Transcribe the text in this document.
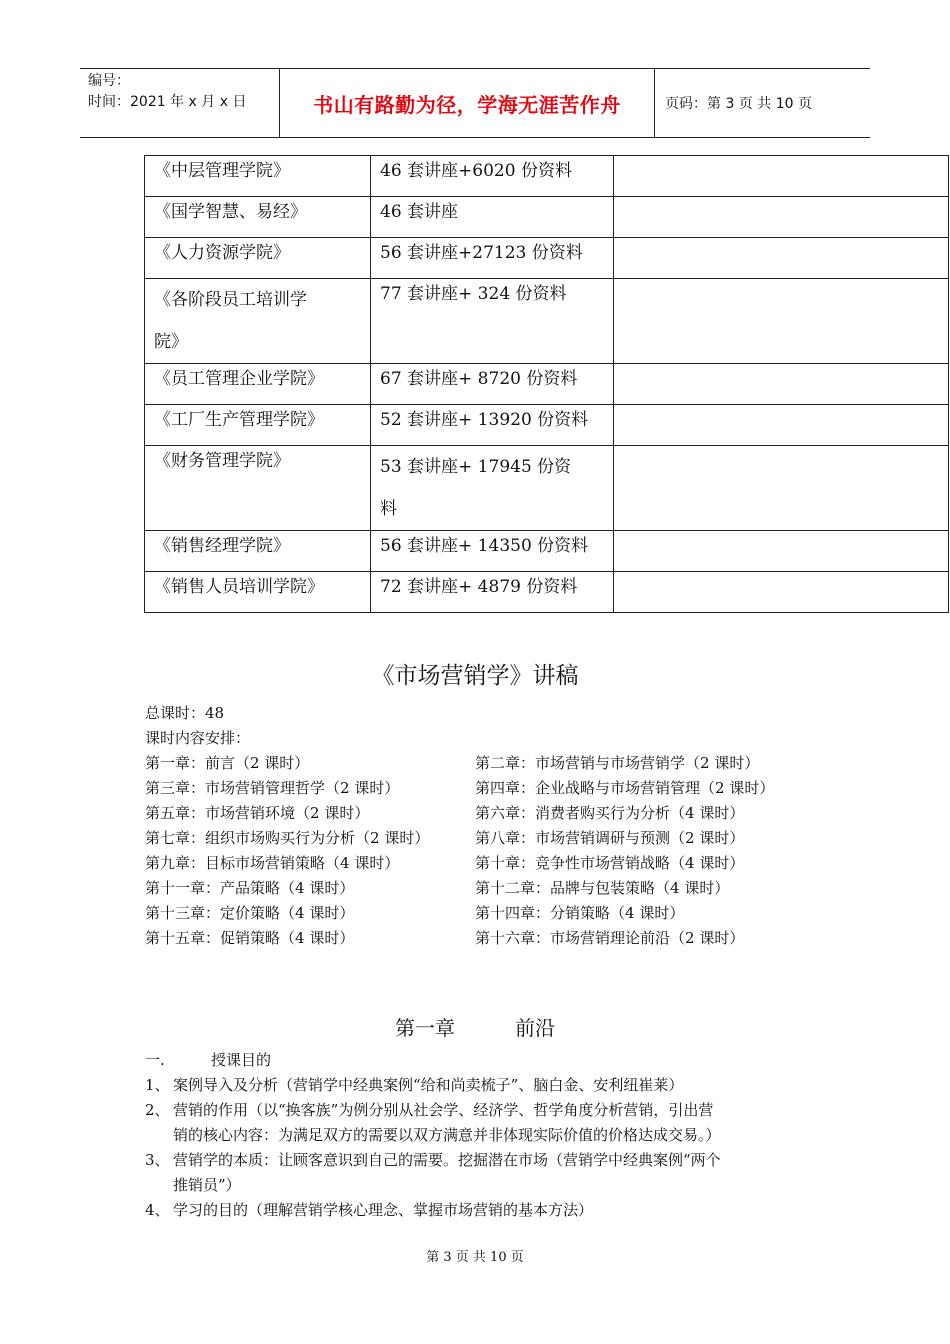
编号：
时间：2021 年 x 月 x 日	书山有路勤为径，学海无涯苦作舟	页码：第 3 页 共 10 页
《中层管理学院》	46 套讲座+6020 份资料	
《国学智慧、易经》	46 套讲座	
《人力资源学院》	56 套讲座+27123 份资料	

《各阶段员工培训学
院》	77 套讲座+ 324 份资料	
《员工管理企业学院》	67 套讲座+ 8720 份资料	
《工厂生产管理学院》	52 套讲座+ 13920 份资料	
《财务管理学院》	53 套讲座+ 17945 份资
料	

《销售经理学院》	56 套讲座+ 14350 份资料	
《销售人员培训学院》	72 套讲座+ 4879 份资料	
《市场营销学》讲稿
总课时：48
课时内容安排：
第一章：前言（2 课时）	第二章：市场营销与市场营销学（2 课时）
第三章：市场营销管理哲学（2 课时）	第四章：企业战略与市场营销管理（2 课时）
第五章：市场营销环境（2 课时）	第六章：消费者购买行为分析（4 课时）
第七章：组织市场购买行为分析（2 课时）	第八章：市场营销调研与预测（2 课时）
第九章：目标市场营销策略（4 课时）	第十章：竞争性市场营销战略（4 课时）
第十一章：产品策略（4 课时）	第十二章：品牌与包装策略（4 课时）
第十三章：定价策略（4 课时）	第十四章：分销策略（4 课时）
第十五章：促销策略（4 课时）	第十六章：市场营销理论前沿（2 课时）
第一章	前沿
一.	授课目的
1、 案例导入及分析（营销学中经典案例“给和尚卖梳子”、脑白金、安利纽崔莱）
2、 营销的作用（以“换客族”为例分别从社会学、经济学、哲学角度分析营销，引出营
销的核心内容：为满足双方的需要以双方满意并非体现实际价值的价格达成交易。）
3、 营销学的本质：让顾客意识到自己的需要。挖掘潜在市场（营销学中经典案例“两个
推销员”）
4、 学习的目的（理解营销学核心理念、掌握市场营销的基本方法）
第 3 页 共 10 页
